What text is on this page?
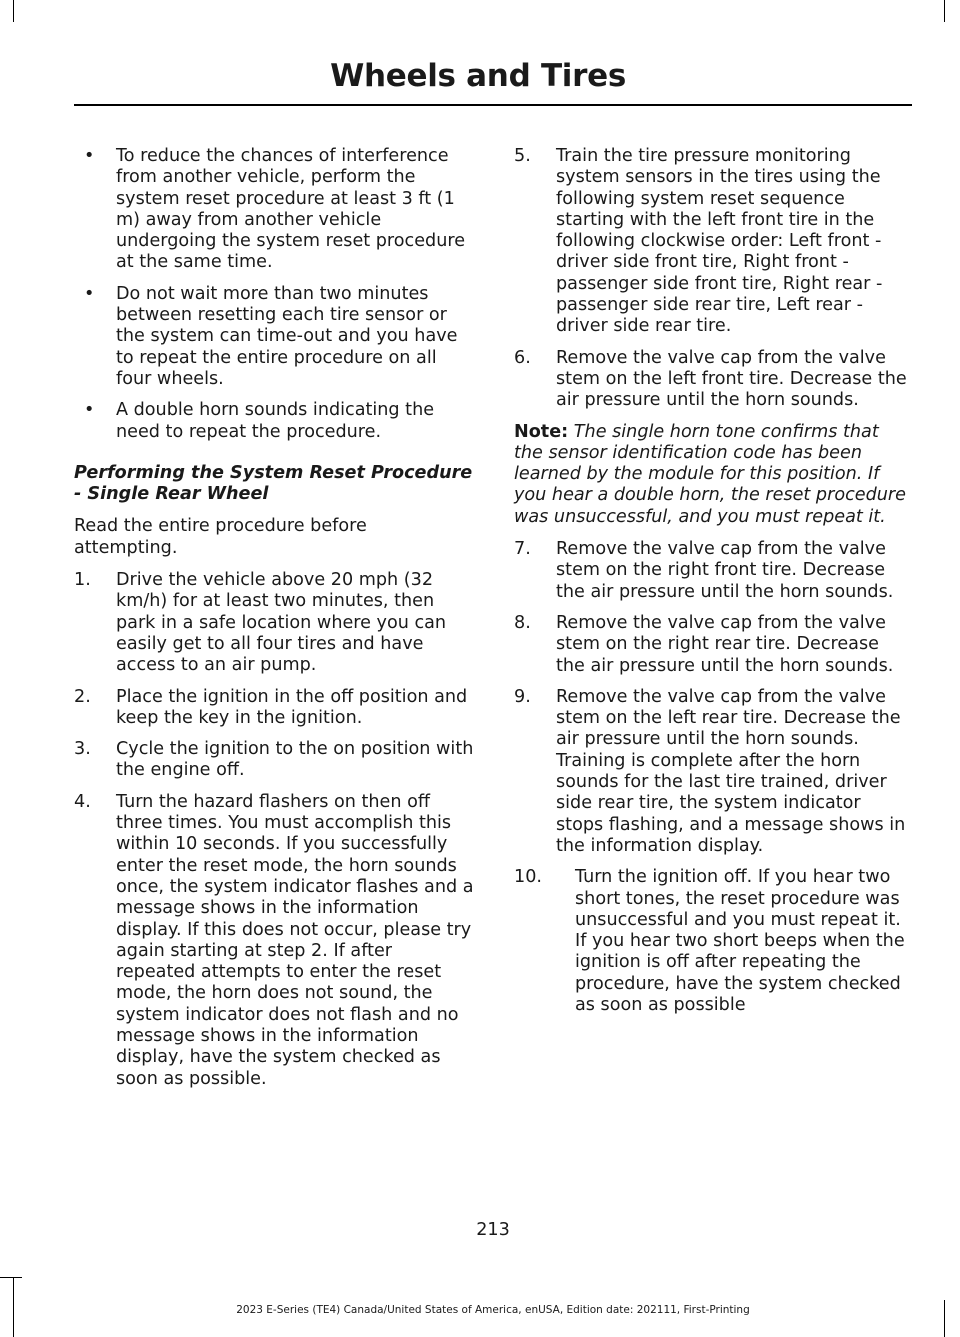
Wheels and Tires
• To reduce the chances of interference from another vehicle, perform the system reset procedure at least 3 ft (1 m) away from another vehicle undergoing the system reset procedure at the same time.
• Do not wait more than two minutes between resetting each tire sensor or the system can time-out and you have to repeat the entire procedure on all four wheels.
• A double horn sounds indicating the need to repeat the procedure.
Performing the System Reset Procedure - Single Rear Wheel
Read the entire procedure before attempting.
1. Drive the vehicle above 20 mph (32 km/h) for at least two minutes, then park in a safe location where you can easily get to all four tires and have access to an air pump.
2. Place the ignition in the off position and keep the key in the ignition.
3. Cycle the ignition to the on position with the engine off.
4. Turn the hazard flashers on then off three times. You must accomplish this within 10 seconds. If you successfully enter the reset mode, the horn sounds once, the system indicator flashes and a message shows in the information display. If this does not occur, please try again starting at step 2. If after repeated attempts to enter the reset mode, the horn does not sound, the system indicator does not flash and no message shows in the information display, have the system checked as soon as possible.
5. Train the tire pressure monitoring system sensors in the tires using the following system reset sequence starting with the left front tire in the following clockwise order: Left front - driver side front tire, Right front - passenger side front tire, Right rear - passenger side rear tire, Left rear - driver side rear tire.
6. Remove the valve cap from the valve stem on the left front tire. Decrease the air pressure until the horn sounds.
Note: The single horn tone confirms that the sensor identification code has been learned by the module for this position. If you hear a double horn, the reset procedure was unsuccessful, and you must repeat it.
7. Remove the valve cap from the valve stem on the right front tire. Decrease the air pressure until the horn sounds.
8. Remove the valve cap from the valve stem on the right rear tire. Decrease the air pressure until the horn sounds.
9. Remove the valve cap from the valve stem on the left rear tire. Decrease the air pressure until the horn sounds. Training is complete after the horn sounds for the last tire trained, driver side rear tire, the system indicator stops flashing, and a message shows in the information display.
10. Turn the ignition off. If you hear two short tones, the reset procedure was unsuccessful and you must repeat it. If you hear two short beeps when the ignition is off after repeating the procedure, have the system checked as soon as possible
213
2023 E-Series (TE4) Canada/United States of America, enUSA, Edition date: 202111, First-Printing
